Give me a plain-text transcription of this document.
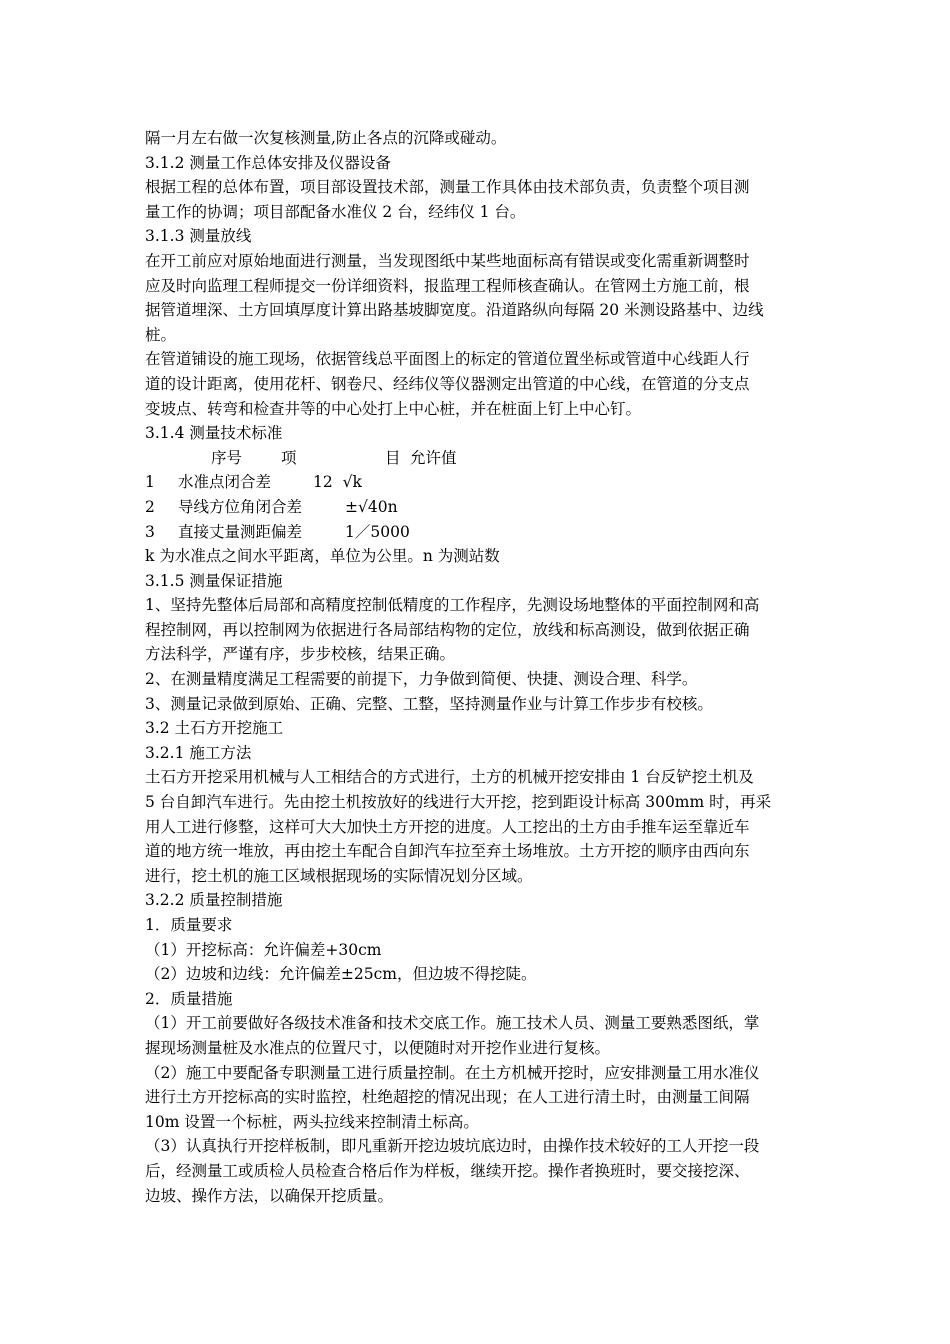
隔一月左右做一次复核测量,防止各点的沉降或碰动。
3.1.2 测量工作总体安排及仪器设备
根据工程的总体布置，项目部设置技术部，测量工作具体由技术部负责，负责整个项目测
量工作的协调；项目部配备水准仪 2 台，经纬仪 1 台。
3.1.3 测量放线
在开工前应对原始地面进行测量，当发现图纸中某些地面标高有错误或变化需重新调整时
应及时向监理工程师提交一份详细资料，报监理工程师核查确认。在管网土方施工前，根
据管道埋深、土方回填厚度计算出路基坡脚宽度。沿道路纵向每隔 20 米测设路基中、边线
桩。
在管道铺设的施工现场，依据管线总平面图上的标定的管道位置坐标或管道中心线距人行
道的设计距离，使用花杆、钢卷尺、经纬仪等仪器测定出管道的中心线，在管道的分支点
变坡点、转弯和检查井等的中心处打上中心桩，并在桩面上钉上中心钉。
3.1.4 测量技术标准
序号	项	目 允许值
1 水准点闭合差	12  √k
2 导线方位角闭合差	±√40n
3 直接丈量测距偏差	1／5000
k 为水准点之间水平距离，单位为公里。n 为测站数
3.1.5 测量保证措施
1、坚持先整体后局部和高精度控制低精度的工作程序，先测设场地整体的平面控制网和高
程控制网，再以控制网为依据进行各局部结构物的定位，放线和标高测设，做到依据正确
方法科学，严谨有序，步步校核，结果正确。
2、在测量精度满足工程需要的前提下，力争做到简便、快捷、测设合理、科学。
3、测量记录做到原始、正确、完整、工整，坚持测量作业与计算工作步步有校核。
3.2 土石方开挖施工
3.2.1 施工方法
土石方开挖采用机械与人工相结合的方式进行，土方的机械开挖安排由 1 台反铲挖土机及
5 台自卸汽车进行。先由挖土机按放好的线进行大开挖，挖到距设计标高 300mm 时，再采
用人工进行修整，这样可大大加快土方开挖的进度。人工挖出的土方由手推车运至靠近车
道的地方统一堆放，再由挖土车配合自卸汽车拉至弃土场堆放。土方开挖的顺序由西向东
进行，挖土机的施工区域根据现场的实际情况划分区域。
3.2.2 质量控制措施
1．质量要求
（1）开挖标高：允许偏差+30cm
（2）边坡和边线：允许偏差±25cm，但边坡不得挖陡。
2．质量措施
（1）开工前要做好各级技术准备和技术交底工作。施工技术人员、测量工要熟悉图纸，掌
握现场测量桩及水准点的位置尺寸，以便随时对开挖作业进行复核。
（2）施工中要配备专职测量工进行质量控制。在土方机械开挖时，应安排测量工用水准仪
进行土方开挖标高的实时监控，杜绝超挖的情况出现；在人工进行清土时，由测量工间隔
10m 设置一个标桩，两头拉线来控制清土标高。
（3）认真执行开挖样板制，即凡重新开挖边坡坑底边时，由操作技术较好的工人开挖一段
后，经测量工或质检人员检查合格后作为样板，继续开挖。操作者换班时，要交接挖深、
边坡、操作方法，以确保开挖质量。
